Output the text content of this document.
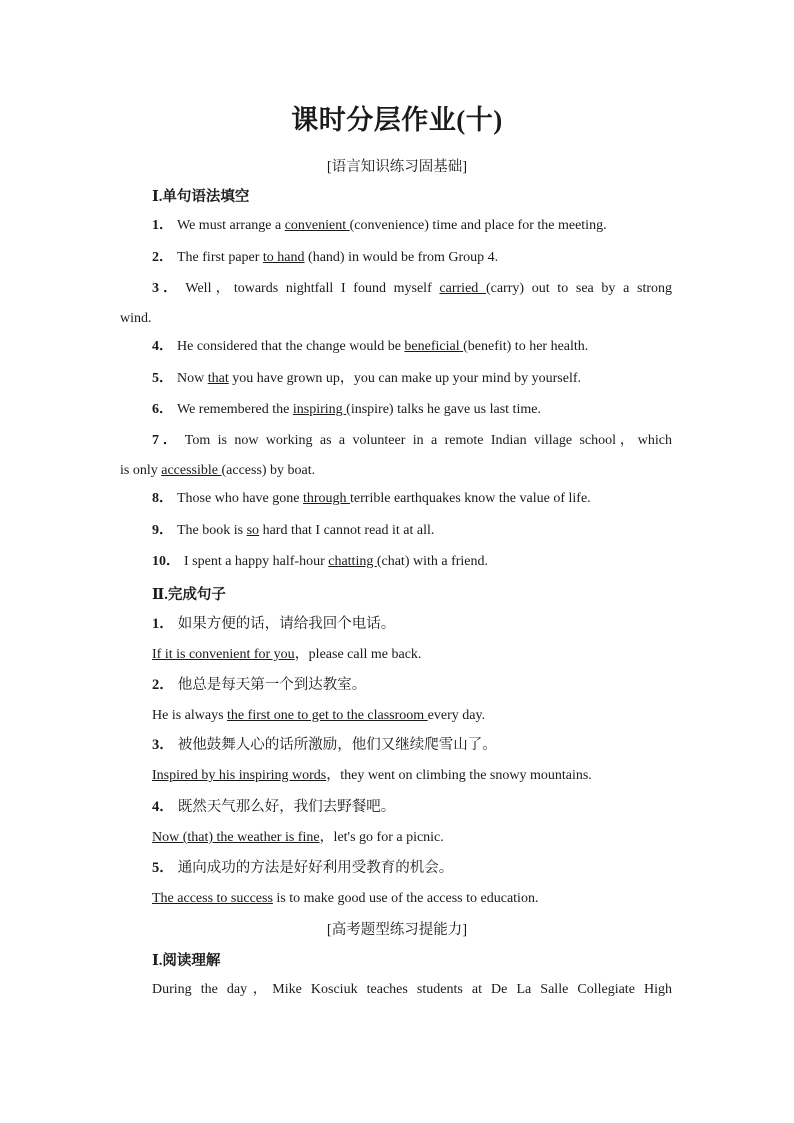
课时分层作业(十)
[语言知识练习固基础]
Ⅰ.单句语法填空
1． We must arrange a convenient (convenience) time and place for the meeting.
2． The first paper to hand (hand) in would be from Group 4.
3． Well，towards nightfall I found myself carried (carry) out to sea by a strong
wind.
4． He considered that the change would be beneficial (benefit) to her health.
5． Now that you have grown up，you can make up your mind by yourself.
6． We remembered the inspiring (inspire) talks he gave us last time.
7． Tom is now working as a volunteer in a remote Indian village school，which
is only accessible (access) by boat.
8． Those who have gone through terrible earthquakes know the value of life.
9． The book is so hard that I cannot read it at all.
10． I spent a happy half-hour chatting (chat) with a friend.
Ⅱ.完成句子
1． 如果方便的话，请给我回个电话。
If it is convenient for you，please call me back.
2． 他总是每天第一个到达教室。
He is always the first one to get to the classroom every day.
3． 被他鼓舞人心的话所激励，他们又继续爬雪山了。
Inspired by his inspiring words，they went on climbing the snowy mountains.
4． 既然天气那么好，我们去野餐吧。
Now (that) the weather is fine，let's go for a picnic.
5． 通向成功的方法是好好利用受教育的机会。
The access to success is to make good use of the access to education.
[高考题型练习提能力]
Ⅰ.阅读理解
During the day，Mike Kosciuk teaches students at De La Salle Collegiate High
